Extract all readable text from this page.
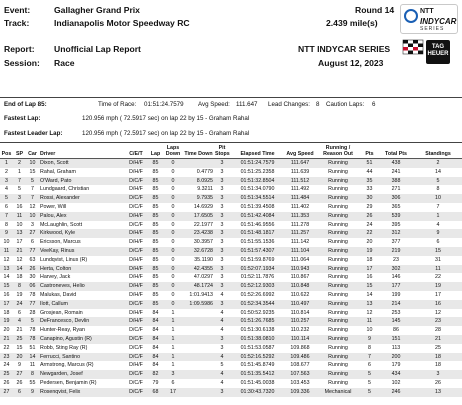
Event:	Gallagher Grand Prix	Round 14
Track:	Indianapolis Motor Speedway RC	2.439 mile(s)
Report: Unofficial Lap Report	NTT INDYCAR SERIES
Session: Race	August 12, 2023
NTT
INDYCAR
SERIES
TAG HEUER
End of Lap 85:	Time of Race: 01:51:24.7579 Avg Speed: 111.647 Lead Changes: 8 Caution Laps: 6
Fastest Lap:	120.956 mph ( 72.5917 sec) on lap 22 by 15 - Graham Rahal
Fastest Leader Lap:	120.956 mph ( 72.5917 sec) on lap 22 by 15 - Graham Rahal
Pos	SP	Car	Driver	C/E/T	Lap	Laps Down	Time Down	Pit Stops	Elapsed Time	Avg Speed	Running / Reason Out	Pts	Total Pts	Standings
1	2	10	Dixon, Scott	D/H/F	85	0		3	01:51:24.7579	111.647	Running	51	438	2
2	1	15	Rahal, Graham	D/H/F	85	0	0.4779	3	01:51:25.2358	111.639	Running	44	241	14
3	7	5	O'Ward, Pato	D/C/F	85	0	8.0925	3	01:51:32.8504	111.512	Running	35	388	5
4	5	7	Lundgaard, Christian	D/H/F	85	0	9.3211	3	01:51:34.0790	111.492	Running	33	271	8
5	3	7	Rossi, Alexander	D/C/F	85	0	9.7935	3	01:51:34.5514	111.484	Running	30	306	10
6	16	12	Power, Will	D/C/F	85	0	14.6929	3	01:51:39.4508	111.402	Running	29	365	7
7	11	10	Palou, Alex	D/H/F	85	0	17.6505	3	01:51:42.4084	111.353	Running	26	539	1
8	10	3	McLaughlin, Scott	D/C/F	85	0	22.1977	3	01:51:46.9556	111.278	Running	24	395	4
9	13	27	Kirkwood, Kyle	D/H/F	85	0	23.4238	3	01:51:48.1817	111.257	Running	22	312	9
10	17	6	Ericsson, Marcus	D/H/F	85	0	30.3957	3	01:51:55.1536	111.142	Running	20	377	6
11	21	77	VeeKay, Rinus	D/C/F	85	0	32.6728	3	01:51:57.4307	111.104	Running	19	219	15
12	12	63	Lundqvist, Linus (R)	D/H/F	85	0	35.1190	3	01:51:59.8769	111.064	Running	18	23	31
13	14	26	Herta, Colton	D/H/F	85	0	42.4355	3	01:52:07.1934	110.943	Running	17	302	11
14	18	30	Harvey, Jack	D/H/F	85	0	47.0297	3	01:52:11.7876	110.867	Running	16	146	22
15	8	06	Castroneves, Helio	D/H/F	85	0	48.1724	3	01:52:12.9303	110.848	Running	15	177	19
16	19	78	Malukas, David	D/H/F	85	0	1:01.9413	4	01:52:26.6992	110.622	Running	14	199	17
17	24	77	Ilott, Callum	D/C/F	85	0	1:09.5986	3	01:52:34.3544	110.497	Running	13	214	16
18	6	28	Grosjean, Romain	D/H/F	84	1		4	01:50:52.9235	110.814	Running	12	253	12
19	4	5	DeFrancesco, Devlin	D/H/F	84	1		4	01:51:26.7685	110.257	Running	11	145	23
20	21	78	Hunter-Reay, Ryan	D/C/F	84	1		4	01:51:30.6138	110.232	Running	10	86	28
21	25	78	Canapino, Agustin (R)	D/C/F	84	1		3	01:51:38.0810	110.114	Running	9	151	21
22	15	51	Robb, Sting Ray (R)	D/C/F	84	1		3	01:51:53.0587	109.868	Running	8	113	25
23	20	14	Ferrucci, Santino	D/C/F	84	1		4	01:52:16.5292	109.486	Running	7	200	18
24	9	11	Armstrong, Marcus (R)	D/H/F	84	1		5	01:51:45.8749	108.677	Running	6	179	18
25	27	8	Newgarden, Josef	D/C/F	82	3		4	01:51:35.5412	107.563	Running	5	434	3
26	26	55	Pedersen, Benjamin (R)	D/C/F	79	6		4	01:51:45.0038	103.453	Running	5	102	26
27	6	9	Rosenqvist, Felix	D/C/F	68	17		3	01:30:43.7320	109.336	Mechanical	5	246	13
